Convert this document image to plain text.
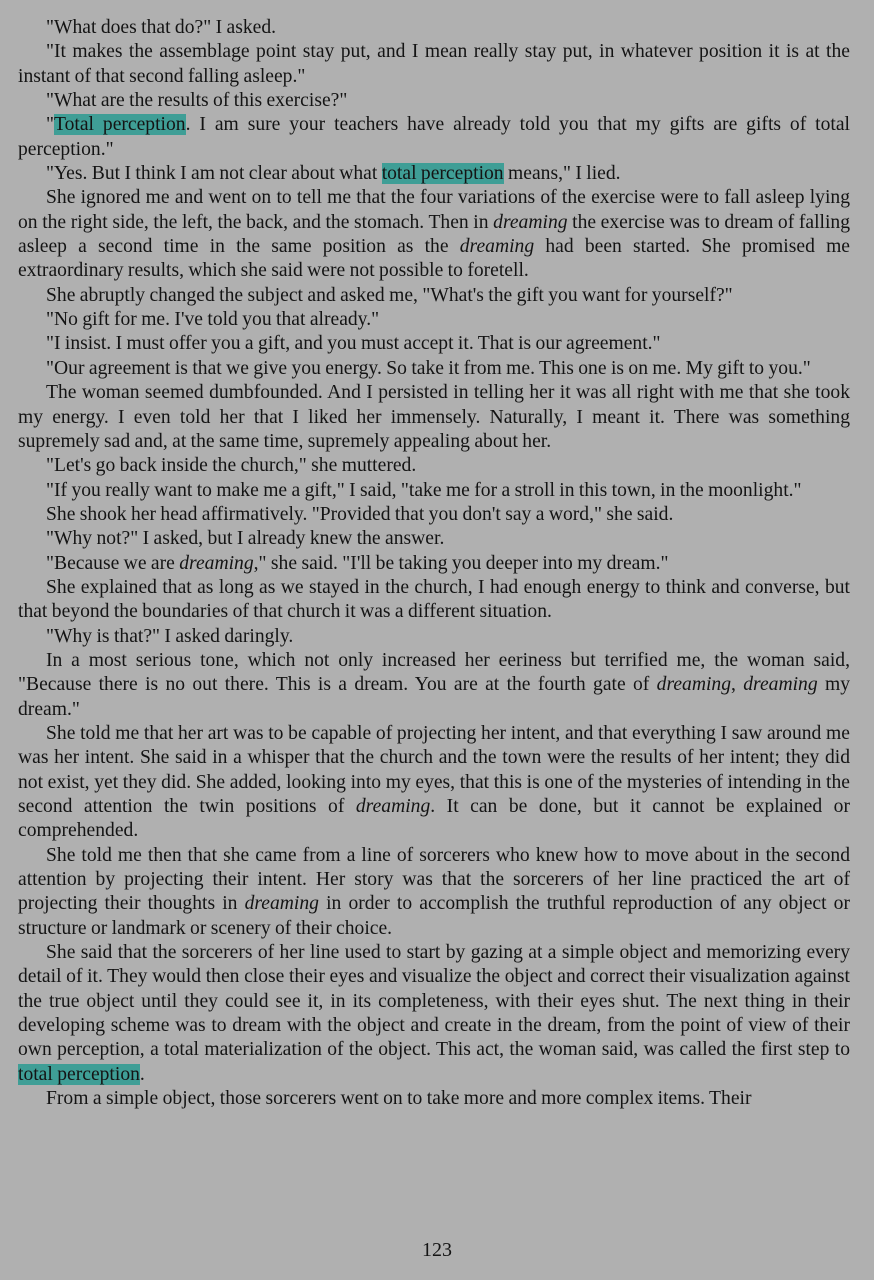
"What does that do?" I asked.

"It makes the assemblage point stay put, and I mean really stay put, in whatever position it is at the instant of that second falling asleep."

"What are the results of this exercise?"

"Total perception. I am sure your teachers have already told you that my gifts are gifts of total perception."

"Yes. But I think I am not clear about what total perception means," I lied.

She ignored me and went on to tell me that the four variations of the exercise were to fall asleep lying on the right side, the left, the back, and the stomach. Then in dreaming the exercise was to dream of falling asleep a second time in the same position as the dreaming had been started. She promised me extraordinary results, which she said were not possible to foretell.

She abruptly changed the subject and asked me, "What's the gift you want for yourself?"

"No gift for me. I've told you that already."

"I insist. I must offer you a gift, and you must accept it. That is our agreement."

"Our agreement is that we give you energy. So take it from me. This one is on me. My gift to you."

The woman seemed dumbfounded. And I persisted in telling her it was all right with me that she took my energy. I even told her that I liked her immensely. Naturally, I meant it. There was something supremely sad and, at the same time, supremely appealing about her.

"Let's go back inside the church," she muttered.

"If you really want to make me a gift," I said, "take me for a stroll in this town, in the moonlight."

She shook her head affirmatively. "Provided that you don't say a word," she said.

"Why not?" I asked, but I already knew the answer.

"Because we are dreaming," she said. "I'll be taking you deeper into my dream."

She explained that as long as we stayed in the church, I had enough energy to think and converse, but that beyond the boundaries of that church it was a different situation.

"Why is that?" I asked daringly.

In a most serious tone, which not only increased her eeriness but terrified me, the woman said, "Because there is no out there. This is a dream. You are at the fourth gate of dreaming, dreaming my dream."

She told me that her art was to be capable of projecting her intent, and that everything I saw around me was her intent. She said in a whisper that the church and the town were the results of her intent; they did not exist, yet they did. She added, looking into my eyes, that this is one of the mysteries of intending in the second attention the twin positions of dreaming. It can be done, but it cannot be explained or comprehended.

She told me then that she came from a line of sorcerers who knew how to move about in the second attention by projecting their intent. Her story was that the sorcerers of her line practiced the art of projecting their thoughts in dreaming in order to accomplish the truthful reproduction of any object or structure or landmark or scenery of their choice.

She said that the sorcerers of her line used to start by gazing at a simple object and memorizing every detail of it. They would then close their eyes and visualize the object and correct their visualization against the true object until they could see it, in its completeness, with their eyes shut. The next thing in their developing scheme was to dream with the object and create in the dream, from the point of view of their own perception, a total materialization of the object. This act, the woman said, was called the first step to total perception.

From a simple object, those sorcerers went on to take more and more complex items. Their

123
